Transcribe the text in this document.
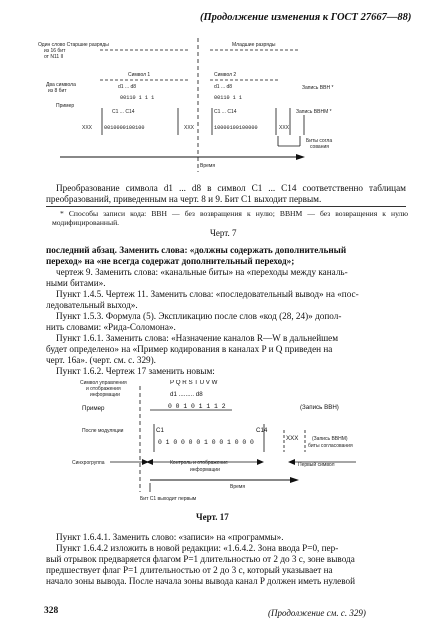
(Продолжение изменения к ГОСТ 27667—88)
Один слово Старшие разряды
из 16 бит
от N11 II
Младшие разряды
Символ 1	Символ 2
Два символа
из 8 бит
d1 ... d8	d1 ... d8	Запись ВВН *
00110 1 1 1	00110 1 1
Пример
C1 ... C14	C1 ... C14	Запись ВВНМ *
XXX 0010000100100	XXX	10000100100000	XXX
Биты согла
сования
Время
Преобразование символа d1 ... d8 в символ C1 ... C14 соответственно таблицам преобразований, приведенным на черт. 8 и 9. Бит C1 выходит первым.
* Способы записи кода: ВВН — без возвращения к нулю; ВВНМ — без возвращения к нулю модифицированный.
Черт. 7
последний абзац. Заменить слова: «должны содержать дополнительный
переход» на «не всегда содержат дополнительный переход»;
чертеж 9. Заменить слова: «канальные биты» на «переходы между каналь-
ными битами».
Пункт 1.4.5. Чертеж 11. Заменить слова: «последовательный вывод» на «пос-
ледовательный выход».
Пункт 1.5.3. Формула (5). Экспликацию после слов «код (28, 24)» допол-
нить словами: «Рида-Соломона».
Пункт 1.6.1. Заменить слова: «Назначение каналов R—W в дальнейшем
будет определено» на «Пример кодирования в каналах P и Q приведен на
черт. 16а». (черт. см. с. 329).
Пункт 1.6.2. Чертеж 17 заменить новым:
Символ управления
и отображения
информации
P Q R S T U V W
d1 ......... d8
Пример	0 0 1 0 1 1 1 2	(Запись ВВН)
После модуляции	C1	C14
XXX
0 1 0 0 0 0 1 0 0 1 0 0 0	(Запись ВВНМ)
биты согласования
Синхрогруппа	Контроль и отображение
информации
Первый символ
Время
Бит C1 выходит первым
Черт. 17
Пункт 1.6.4.1. Заменить слово: «записи» на «программы».
Пункт 1.6.4.2 изложить в новой редакции: «1.6.4.2. Зона ввода P=0, пер-
вый отрывок предваряется флагом P=1 длительностью от 2 до 3 с, зоне вывода
предшествует флаг P=1 длительностью от 2 до 3 с, который указывает на
начало зоны вывода. После начала зоны вывода канал P должен иметь нулевой
328	(Продолжение см. с. 329)
